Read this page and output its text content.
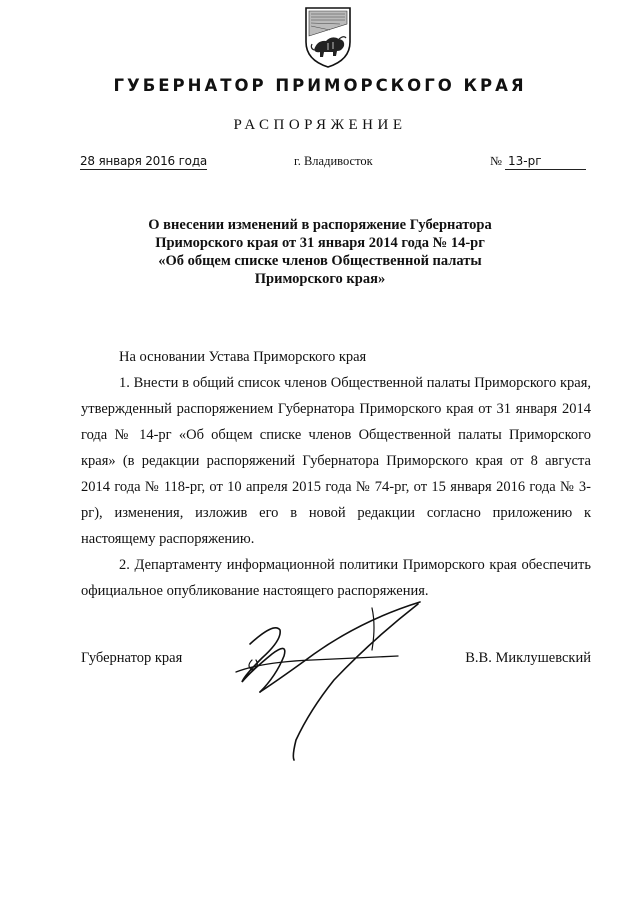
ГУБЕРНАТОР ПРИМОРСКОГО КРАЯ
РАСПОРЯЖЕНИЕ
28 января 2016 года	г. Владивосток	№ 13-рг
О внесении изменений в распоряжение Губернатора
Приморского края от 31 января 2014 года № 14-рг
«Об общем списке членов Общественной палаты
Приморского края»

На основании Устава Приморского края

1. Внести в общий список членов Общественной палаты Приморского края, утвержденный распоряжением Губернатора Приморского края от 31 января 2014 года № 14-рг «Об общем списке членов Общественной палаты Приморского края» (в редакции распоряжений Губернатора Приморского края от 8 августа 2014 года № 118-рг, от 10 апреля 2015 года № 74-рг, от 15 января 2016 года № 3-рг), изменения, изложив его в новой редакции согласно приложению к настоящему распоряжению.

2. Департаменту информационной политики Приморского края обеспечить официальное опубликование настоящего распоряжения.

Губернатор края	В.В. Миклушевский
